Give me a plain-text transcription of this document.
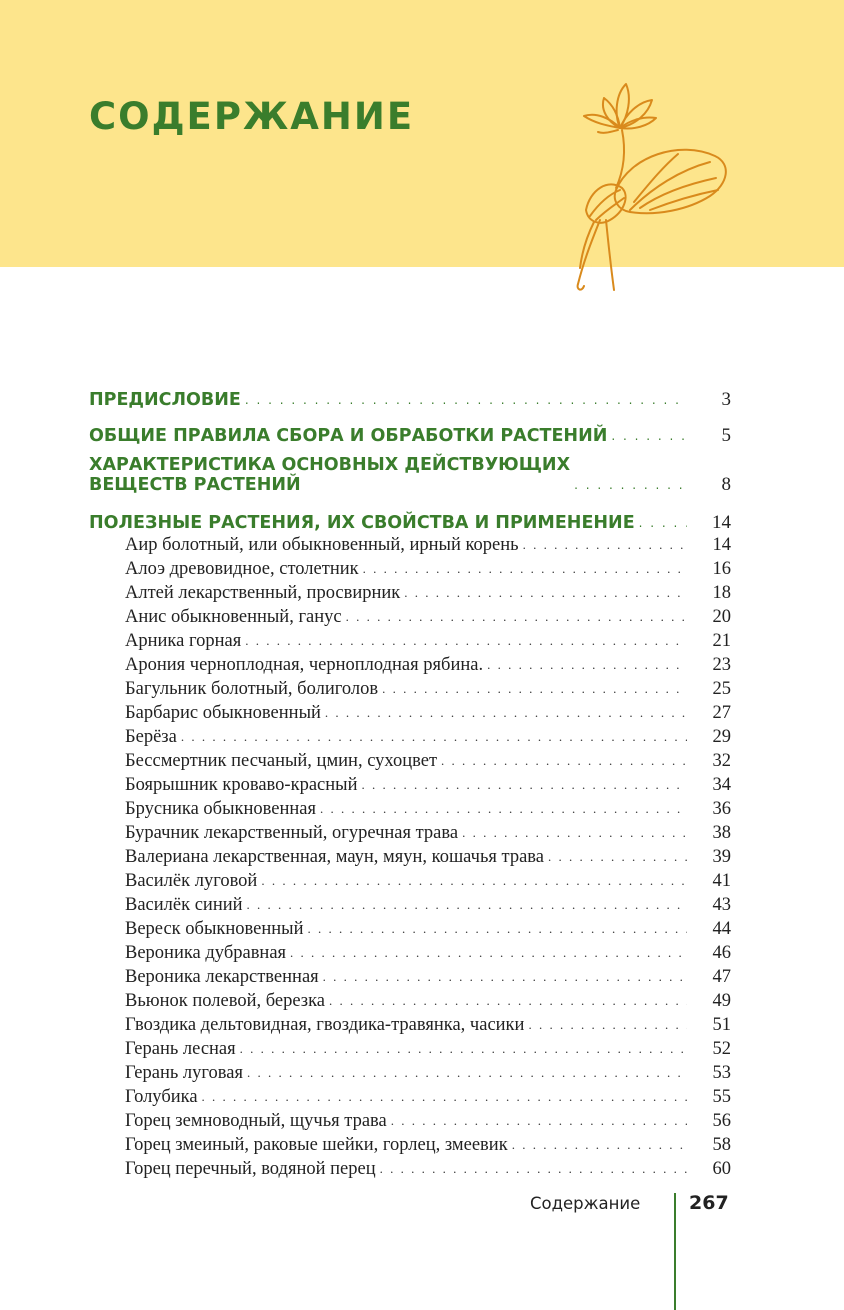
СОДЕРЖАНИЕ
ПРЕДИСЛОВИЕ . . .	3
ОБЩИЕ ПРАВИЛА СБОРА И ОБРАБОТКИ РАСТЕНИЙ . . .	5
ХАРАКТЕРИСТИКА ОСНОВНЫХ ДЕЙСТВУЮЩИХ
ВЕЩЕСТВ РАСТЕНИЙ . . .	8
ПОЛЕЗНЫЕ РАСТЕНИЯ, ИХ СВОЙСТВА И ПРИМЕНЕНИЕ . . .	14
Аир болотный, или обыкновенный, ирный корень . . .	14
Алоэ древовидное, столетник . . .	16
Алтей лекарственный, просвирник . . .	18
Анис обыкновенный, ганус . . .	20
Арника горная . . .	21
Арония черноплодная, черноплодная рябина. . . .	23
Багульник болотный, болиголов . . .	25
Барбарис обыкновенный . . .	27
Берёза . . .	29
Бессмертник песчаный, цмин, сухоцвет . . .	32
Боярышник кроваво-красный . . .	34
Брусника обыкновенная . . .	36
Бурачник лекарственный, огуречная трава . . .	38
Валериана лекарственная, маун, мяун, кошачья трава . . .	39
Василёк луговой . . .	41
Василёк синий . . .	43
Вереск обыкновенный . . .	44
Вероника дубравная . . .	46
Вероника лекарственная . . .	47
Вьюнок полевой, березка . . .	49
Гвоздика дельтовидная, гвоздика-травянка, часики . . .	51
Герань лесная . . .	52
Герань луговая . . .	53
Голубика . . .	55
Горец земноводный, щучья трава . . .	56
Горец змеиный, раковые шейки, горлец, змеевик . . .	58
Горец перечный, водяной перец . . .	60
Содержание	267
